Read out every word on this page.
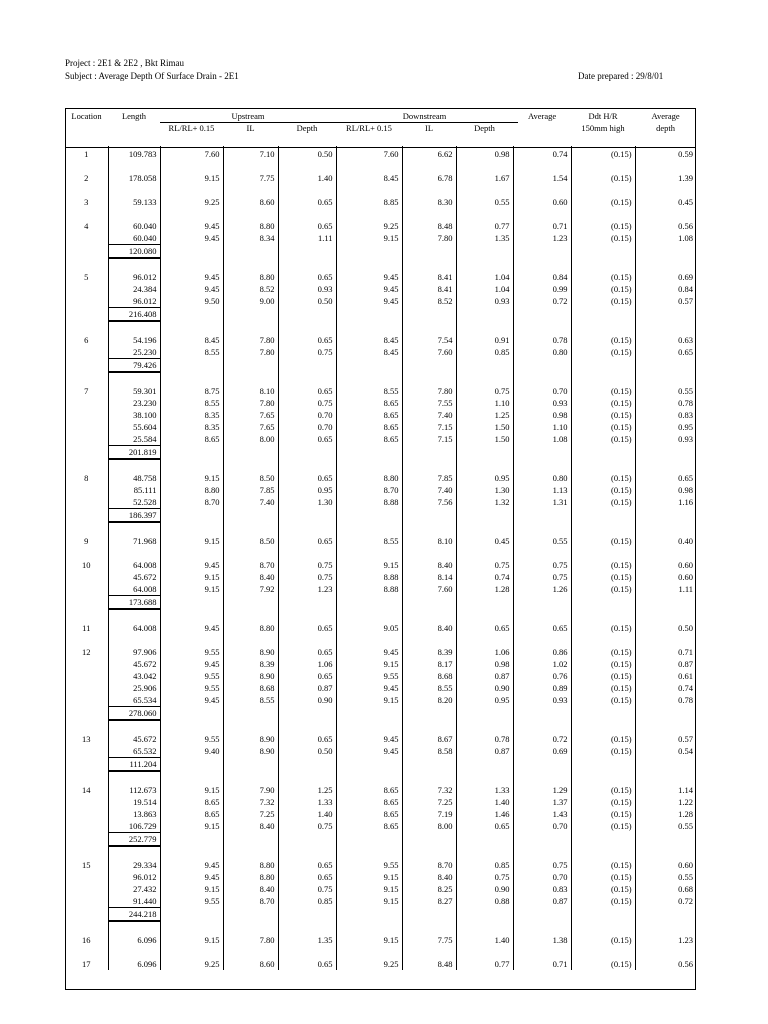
Project : 2E1 & 2E2 , Bkt Rimau
Subject : Average Depth Of Surface Drain - 2E1	Date prepared : 29/8/01
Location	Length	Upstream			Downstream			Average	Ddt H/R	Average
		RL/RL+ 0.15	IL	Depth	RL/RL+ 0.15	IL	Depth		150mm high	depth

1	109.783	7.60	7.10	0.50	7.60	6.62	0.98	0.74	(0.15)	0.59

2	178.058	9.15	7.75	1.40	8.45	6.78	1.67	1.54	(0.15)	1.39

3	59.133	9.25	8.60	0.65	8.85	8.30	0.55	0.60	(0.15)	0.45

4	60.040	9.45	8.80	0.65	9.25	8.48	0.77	0.71	(0.15)	0.56
	60.040	9.45	8.34	1.11	9.15	7.80	1.35	1.23	(0.15)	1.08
	120.080									

5	96.012	9.45	8.80	0.65	9.45	8.41	1.04	0.84	(0.15)	0.69
	24.384	9.45	8.52	0.93	9.45	8.41	1.04	0.99	(0.15)	0.84
	96.012	9.50	9.00	0.50	9.45	8.52	0.93	0.72	(0.15)	0.57
	216.408									

6	54.196	8.45	7.80	0.65	8.45	7.54	0.91	0.78	(0.15)	0.63
	25.230	8.55	7.80	0.75	8.45	7.60	0.85	0.80	(0.15)	0.65
	79.426									

7	59.301	8.75	8.10	0.65	8.55	7.80	0.75	0.70	(0.15)	0.55
	23.230	8.55	7.80	0.75	8.65	7.55	1.10	0.93	(0.15)	0.78
	38.100	8.35	7.65	0.70	8.65	7.40	1.25	0.98	(0.15)	0.83
	55.604	8.35	7.65	0.70	8.65	7.15	1.50	1.10	(0.15)	0.95
	25.584	8.65	8.00	0.65	8.65	7.15	1.50	1.08	(0.15)	0.93
	201.819									

8	48.758	9.15	8.50	0.65	8.80	7.85	0.95	0.80	(0.15)	0.65
	85.111	8.80	7.85	0.95	8.70	7.40	1.30	1.13	(0.15)	0.98
	52.528	8.70	7.40	1.30	8.88	7.56	1.32	1.31	(0.15)	1.16
	186.397									

9	71.968	9.15	8.50	0.65	8.55	8.10	0.45	0.55	(0.15)	0.40

10	64.008	9.45	8.70	0.75	9.15	8.40	0.75	0.75	(0.15)	0.60
	45.672	9.15	8.40	0.75	8.88	8.14	0.74	0.75	(0.15)	0.60
	64.008	9.15	7.92	1.23	8.88	7.60	1.28	1.26	(0.15)	1.11
	173.688									

11	64.008	9.45	8.80	0.65	9.05	8.40	0.65	0.65	(0.15)	0.50

12	97.906	9.55	8.90	0.65	9.45	8.39	1.06	0.86	(0.15)	0.71
	45.672	9.45	8.39	1.06	9.15	8.17	0.98	1.02	(0.15)	0.87
	43.042	9.55	8.90	0.65	9.55	8.68	0.87	0.76	(0.15)	0.61
	25.906	9.55	8.68	0.87	9.45	8.55	0.90	0.89	(0.15)	0.74
	65.534	9.45	8.55	0.90	9.15	8.20	0.95	0.93	(0.15)	0.78
	278.060									

13	45.672	9.55	8.90	0.65	9.45	8.67	0.78	0.72	(0.15)	0.57
	65.532	9.40	8.90	0.50	9.45	8.58	0.87	0.69	(0.15)	0.54
	111.204									

14	112.673	9.15	7.90	1.25	8.65	7.32	1.33	1.29	(0.15)	1.14
	19.514	8.65	7.32	1.33	8.65	7.25	1.40	1.37	(0.15)	1.22
	13.863	8.65	7.25	1.40	8.65	7.19	1.46	1.43	(0.15)	1.28
	106.729	9.15	8.40	0.75	8.65	8.00	0.65	0.70	(0.15)	0.55
	252.779									

15	29.334	9.45	8.80	0.65	9.55	8.70	0.85	0.75	(0.15)	0.60
	96.012	9.45	8.80	0.65	9.15	8.40	0.75	0.70	(0.15)	0.55
	27.432	9.15	8.40	0.75	9.15	8.25	0.90	0.83	(0.15)	0.68
	91.440	9.55	8.70	0.85	9.15	8.27	0.88	0.87	(0.15)	0.72
	244.218									

16	6.096	9.15	7.80	1.35	9.15	7.75	1.40	1.38	(0.15)	1.23

17	6.096	9.25	8.60	0.65	9.25	8.48	0.77	0.71	(0.15)	0.56
